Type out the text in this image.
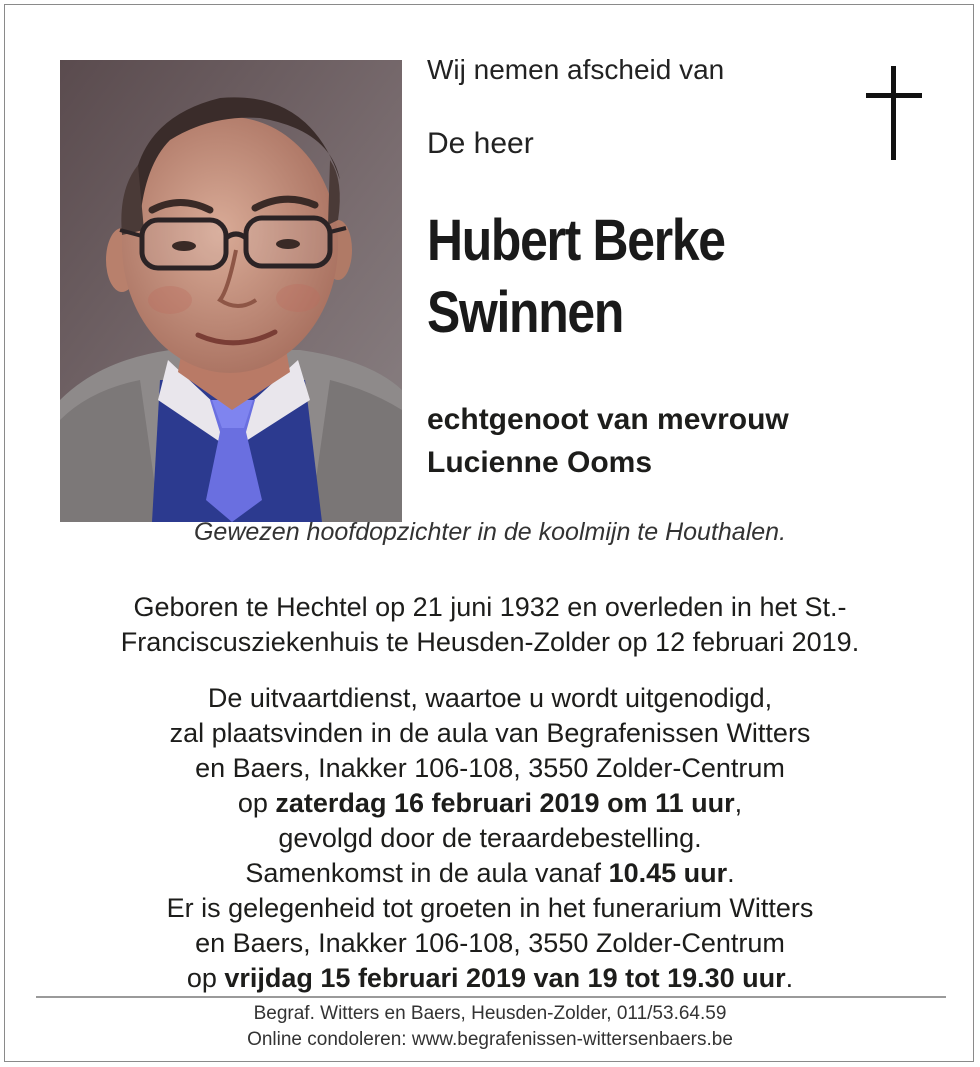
Wij nemen afscheid van
De heer
Hubert Berke
Swinnen
echtgenoot van mevrouw
Lucienne Ooms
Gewezen hoofdopzichter in de koolmijn te Houthalen.
Geboren te Hechtel op 21 juni 1932 en overleden in het St.-
Franciscusziekenhuis te Heusden-Zolder op 12 februari 2019.
De uitvaartdienst, waartoe u wordt uitgenodigd,
zal plaatsvinden in de aula van Begrafenissen Witters
en Baers, Inakker 106-108, 3550 Zolder-Centrum
op zaterdag 16 februari 2019 om 11 uur,
gevolgd door de teraardebestelling.
Samenkomst in de aula vanaf 10.45 uur.
Er is gelegenheid tot groeten in het funerarium Witters
en Baers, Inakker 106-108, 3550 Zolder-Centrum
op vrijdag 15 februari 2019 van 19 tot 19.30 uur.
Begraf. Witters en Baers, Heusden-Zolder, 011/53.64.59
Online condoleren: www.begrafenissen-wittersenbaers.be
